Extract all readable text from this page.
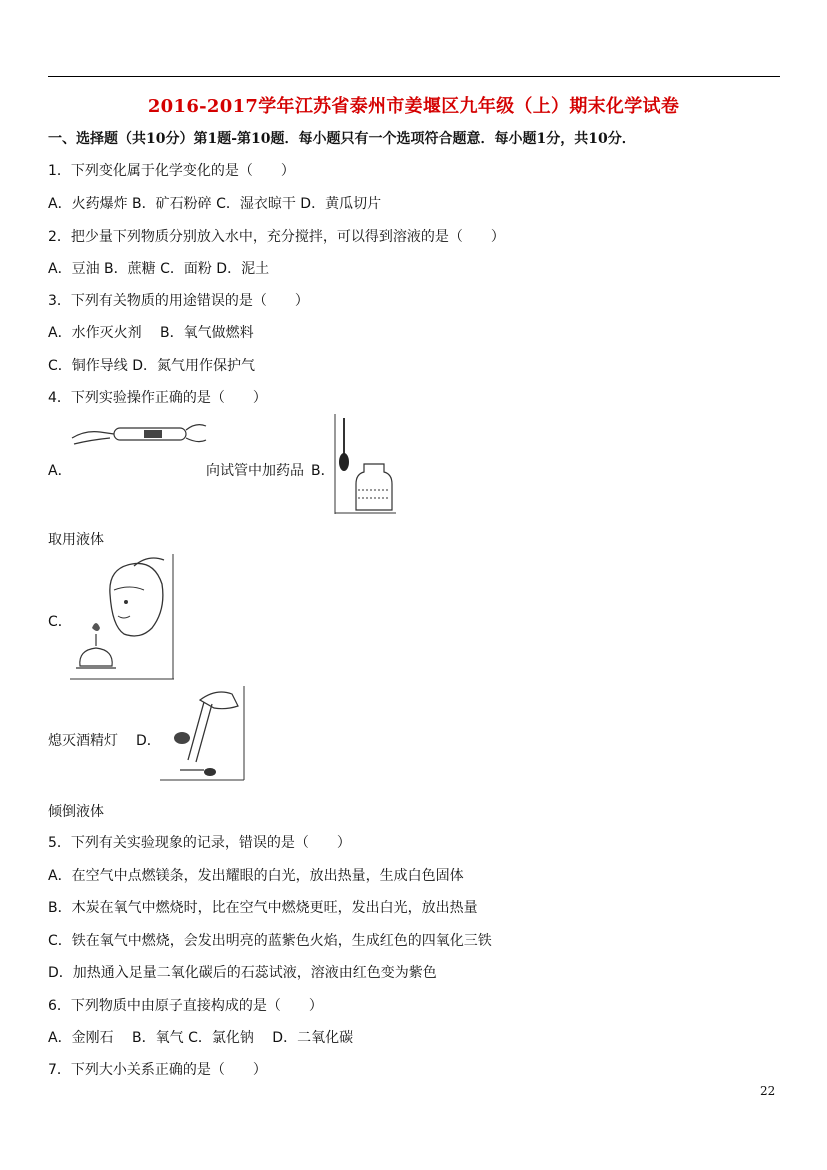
2016-2017学年江苏省泰州市姜堰区九年级（上）期末化学试卷
一、选择题（共10分）第1题-第10题．每小题只有一个选项符合题意．每小题1分，共10分．
1．下列变化属于化学变化的是（　　）
A．火药爆炸 B．矿石粉碎 C．湿衣晾干 D．黄瓜切片
2．把少量下列物质分别放入水中，充分搅拌，可以得到溶液的是（　　）
A．豆油 B．蔗糖 C．面粉 D．泥土
3．下列有关物质的用途错误的是（　　）
A．水作灭火剂　 B．氧气做燃料
C．铜作导线 D．氮气用作保护气
4．下列实验操作正确的是（　　）
A．	向试管中加药品 B．
取用液体
C．
熄灭酒精灯 D．
倾倒液体
5．下列有关实验现象的记录，错误的是（　　）
A．在空气中点燃镁条，发出耀眼的白光，放出热量，生成白色固体
B．木炭在氧气中燃烧时，比在空气中燃烧更旺，发出白光，放出热量
C．铁在氧气中燃烧，会发出明亮的蓝紫色火焰，生成红色的四氧化三铁
D．加热通入足量二氧化碳后的石蕊试液，溶液由红色变为紫色
6．下列物质中由原子直接构成的是（　　）
A．金刚石　 B．氧气 C．氯化钠　 D．二氧化碳
7．下列大小关系正确的是（　　）
22
